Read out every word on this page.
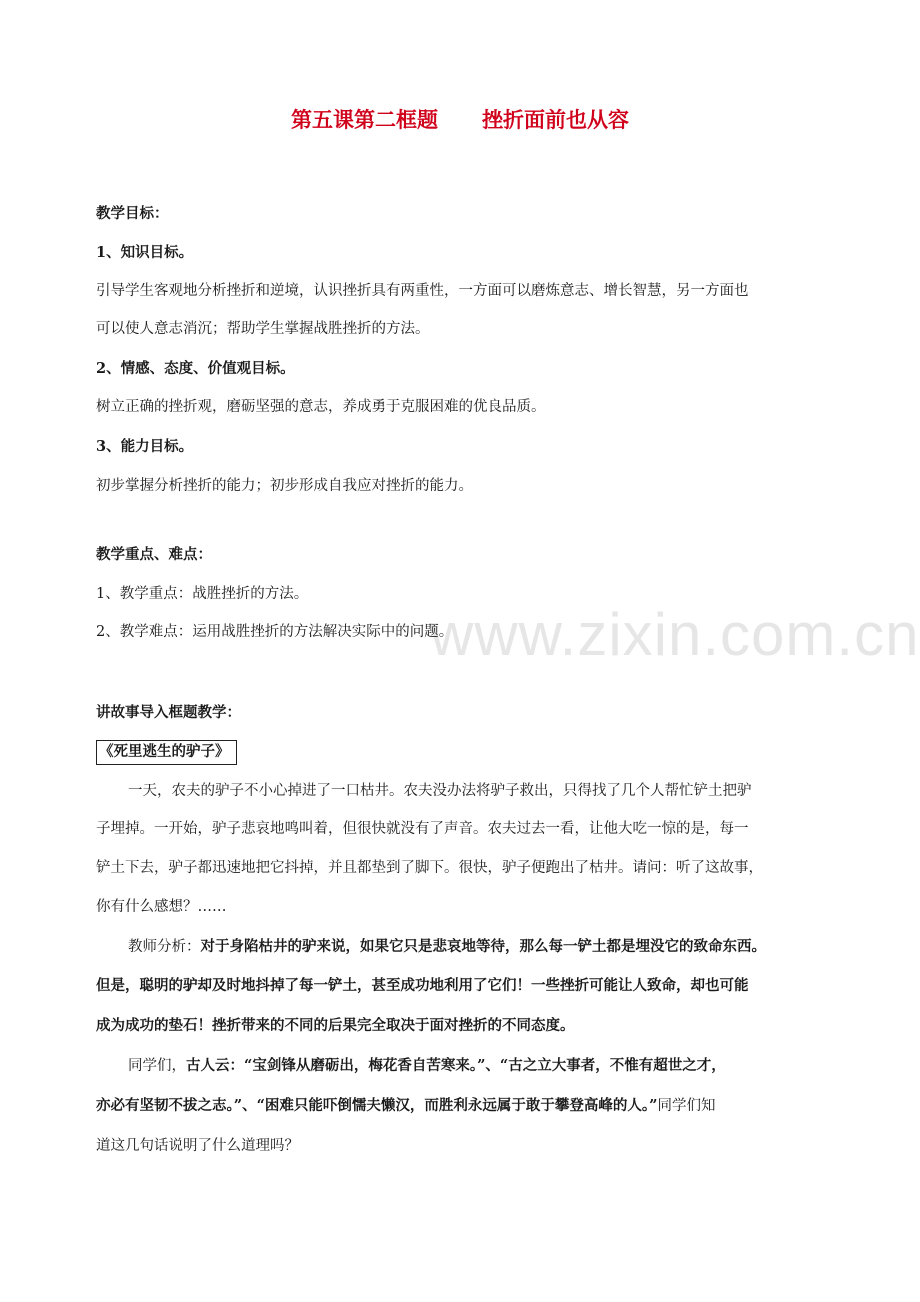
www.zixin.com.cn
第五课第二框题 挫折面前也从容
教学目标：
1、知识目标。
引导学生客观地分析挫折和逆境，认识挫折具有两重性，一方面可以磨炼意志、增长智慧，另一方面也
可以使人意志消沉；帮助学生掌握战胜挫折的方法。
2、情感、态度、价值观目标。
树立正确的挫折观，磨砺坚强的意志，养成勇于克服困难的优良品质。
3、能力目标。
初步掌握分析挫折的能力；初步形成自我应对挫折的能力。
教学重点、难点：
1、教学重点：战胜挫折的方法。
2、教学难点：运用战胜挫折的方法解决实际中的问题。
讲故事导入框题教学：
《死里逃生的驴子》
一天，农夫的驴子不小心掉进了一口枯井。农夫没办法将驴子救出，只得找了几个人帮忙铲土把驴
子埋掉。一开始，驴子悲哀地鸣叫着，但很快就没有了声音。农夫过去一看，让他大吃一惊的是，每一
铲土下去，驴子都迅速地把它抖掉，并且都垫到了脚下。很快，驴子便跑出了枯井。请问：听了这故事，
你有什么感想？……
教师分析：对于身陷枯井的驴来说，如果它只是悲哀地等待，那么每一铲土都是埋没它的致命东西。
但是，聪明的驴却及时地抖掉了每一铲土，甚至成功地利用了它们！一些挫折可能让人致命，却也可能
成为成功的垫石！挫折带来的不同的后果完全取决于面对挫折的不同态度。
同学们，古人云：“宝剑锋从磨砺出，梅花香自苦寒来。”、“古之立大事者，不惟有超世之才，
亦必有坚韧不拔之志。”、“困难只能吓倒懦夫懒汉，而胜利永远属于敢于攀登高峰的人。”同学们知
道这几句话说明了什么道理吗？
